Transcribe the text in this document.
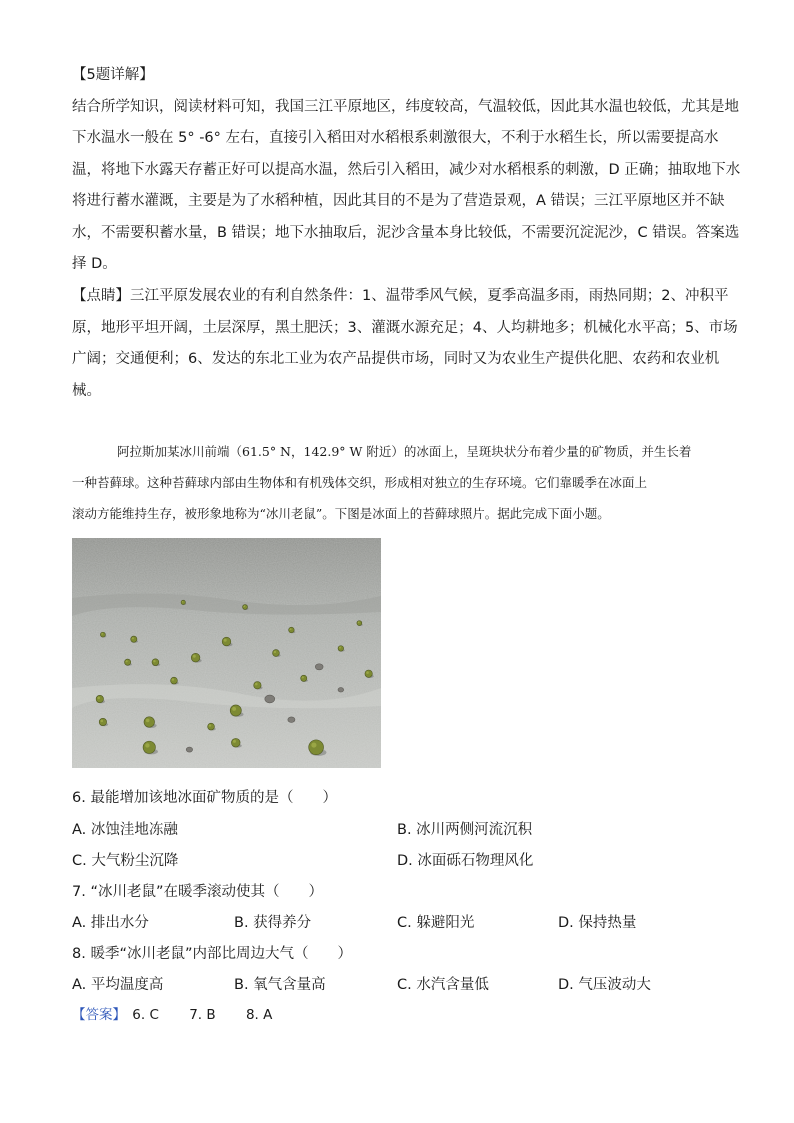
【5题详解】
结合所学知识，阅读材料可知，我国三江平原地区，纬度较高，气温较低，因此其水温也较低，尤其是地
下水温水一般在 5° -6° 左右，直接引入稻田对水稻根系刺激很大，不利于水稻生长，所以需要提高水
温，将地下水露天存蓄正好可以提高水温，然后引入稻田，减少对水稻根系的刺激，D 正确；抽取地下水
将进行蓄水灌溉，主要是为了水稻种植，因此其目的不是为了营造景观，A 错误；三江平原地区并不缺
水，不需要积蓄水量，B 错误；地下水抽取后，泥沙含量本身比较低，不需要沉淀泥沙，C 错误。答案选
择 D。
【点睛】三江平原发展农业的有利自然条件：1、温带季风气候，夏季高温多雨，雨热同期；2、冲积平
原，地形平坦开阔，土层深厚，黑土肥沃；3、灌溉水源充足；4、人均耕地多；机械化水平高；5、市场
广阔；交通便利；6、发达的东北工业为农产品提供市场，同时又为农业生产提供化肥、农药和农业机
械。
阿拉斯加某冰川前端（61.5° N，142.9° W 附近）的冰面上，呈斑块状分布着少量的矿物质，并生长着
一种苔藓球。这种苔藓球内部由生物体和有机残体交织，形成相对独立的生存环境。它们靠暖季在冰面上
滚动方能维持生存，被形象地称为“冰川老鼠”。下图是冰面上的苔藓球照片。据此完成下面小题。
6. 最能增加该地冰面矿物质的是（　　）
A. 冰蚀洼地冻融	B. 冰川两侧河流沉积
C. 大气粉尘沉降	D. 冰面砾石物理风化
7. “冰川老鼠”在暖季滚动使其（　　）
A. 排出水分	B. 获得养分	C. 躲避阳光	D. 保持热量
8. 暖季“冰川老鼠”内部比周边大气（　　）
A. 平均温度高	B. 氧气含量高	C. 水汽含量低	D. 气压波动大
【答案】 6. C 7. B 8. A
